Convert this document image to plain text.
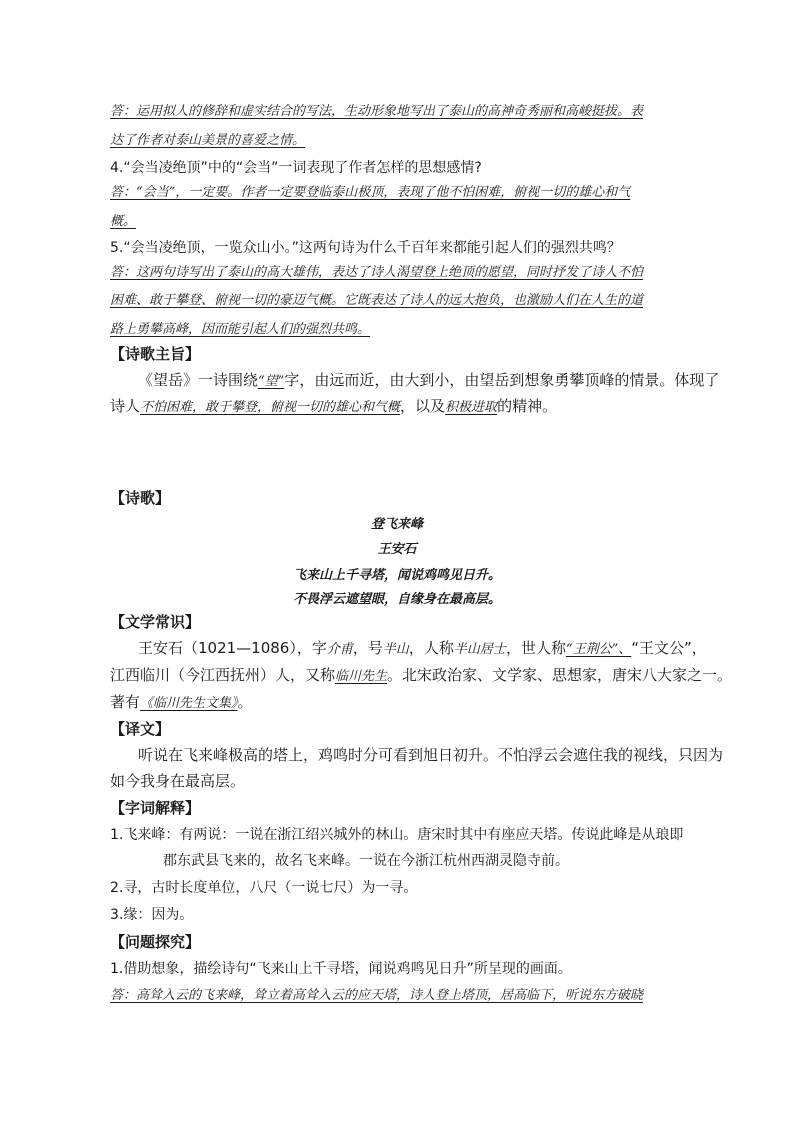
答：运用拟人的修辞和虚实结合的写法，生动形象地写出了泰山的高神奇秀丽和高峻挺拔。表
达了作者对泰山美景的喜爱之情。
4.“会当凌绝顶”中的“会当”一词表现了作者怎样的思想感情?
答：“会当”，一定要。作者一定要登临泰山极顶，表现了他不怕困难，俯视一切的雄心和气
概。
5.“会当凌绝顶，一览众山小。”这两句诗为什么千百年来都能引起人们的强烈共鸣？
答：这两句诗写出了泰山的高大雄伟，表达了诗人渴望登上绝顶的愿望，同时抒发了诗人不怕
困难、敢于攀登、俯视一切的豪迈气概。它既表达了诗人的远大抱负，也激励人们在人生的道
路上勇攀高峰，因而能引起人们的强烈共鸣。
【诗歌主旨】
《望岳》一诗围绕“望”字，由远而近，由大到小，由望岳到想象勇攀顶峰的情景。体现了
诗人不怕困难，敢于攀登，俯视一切的雄心和气概，以及积极进取的精神。
【诗歌】
登飞来峰
王安石
飞来山上千寻塔，闻说鸡鸣见日升。
不畏浮云遮望眼，自缘身在最高层。
【文学常识】
王安石（1021—1086），字介甫，号半山，人称半山居士，世人称“王荆公”、“王文公”，
江西临川（今江西抚州）人，又称临川先生。北宋政治家、文学家、思想家，唐宋八大家之一。
著有《临川先生文集》。
【译文】
听说在飞来峰极高的塔上，鸡鸣时分可看到旭日初升。不怕浮云会遮住我的视线，只因为
如今我身在最高层。
【字词解释】
1.飞来峰：有两说：一说在浙江绍兴城外的林山。唐宋时其中有座应天塔。传说此峰是从琅即
郡东武县飞来的，故名飞来峰。一说在今浙江杭州西湖灵隐寺前。
2.寻，古时长度单位，八尺（一说七尺）为一寻。
3.缘：因为。
【问题探究】
1.借助想象，描绘诗句“飞来山上千寻塔，闻说鸡鸣见日升”所呈现的画面。
答：高耸入云的飞来峰，耸立着高耸入云的应天塔，诗人登上塔顶，居高临下，听说东方破晓
